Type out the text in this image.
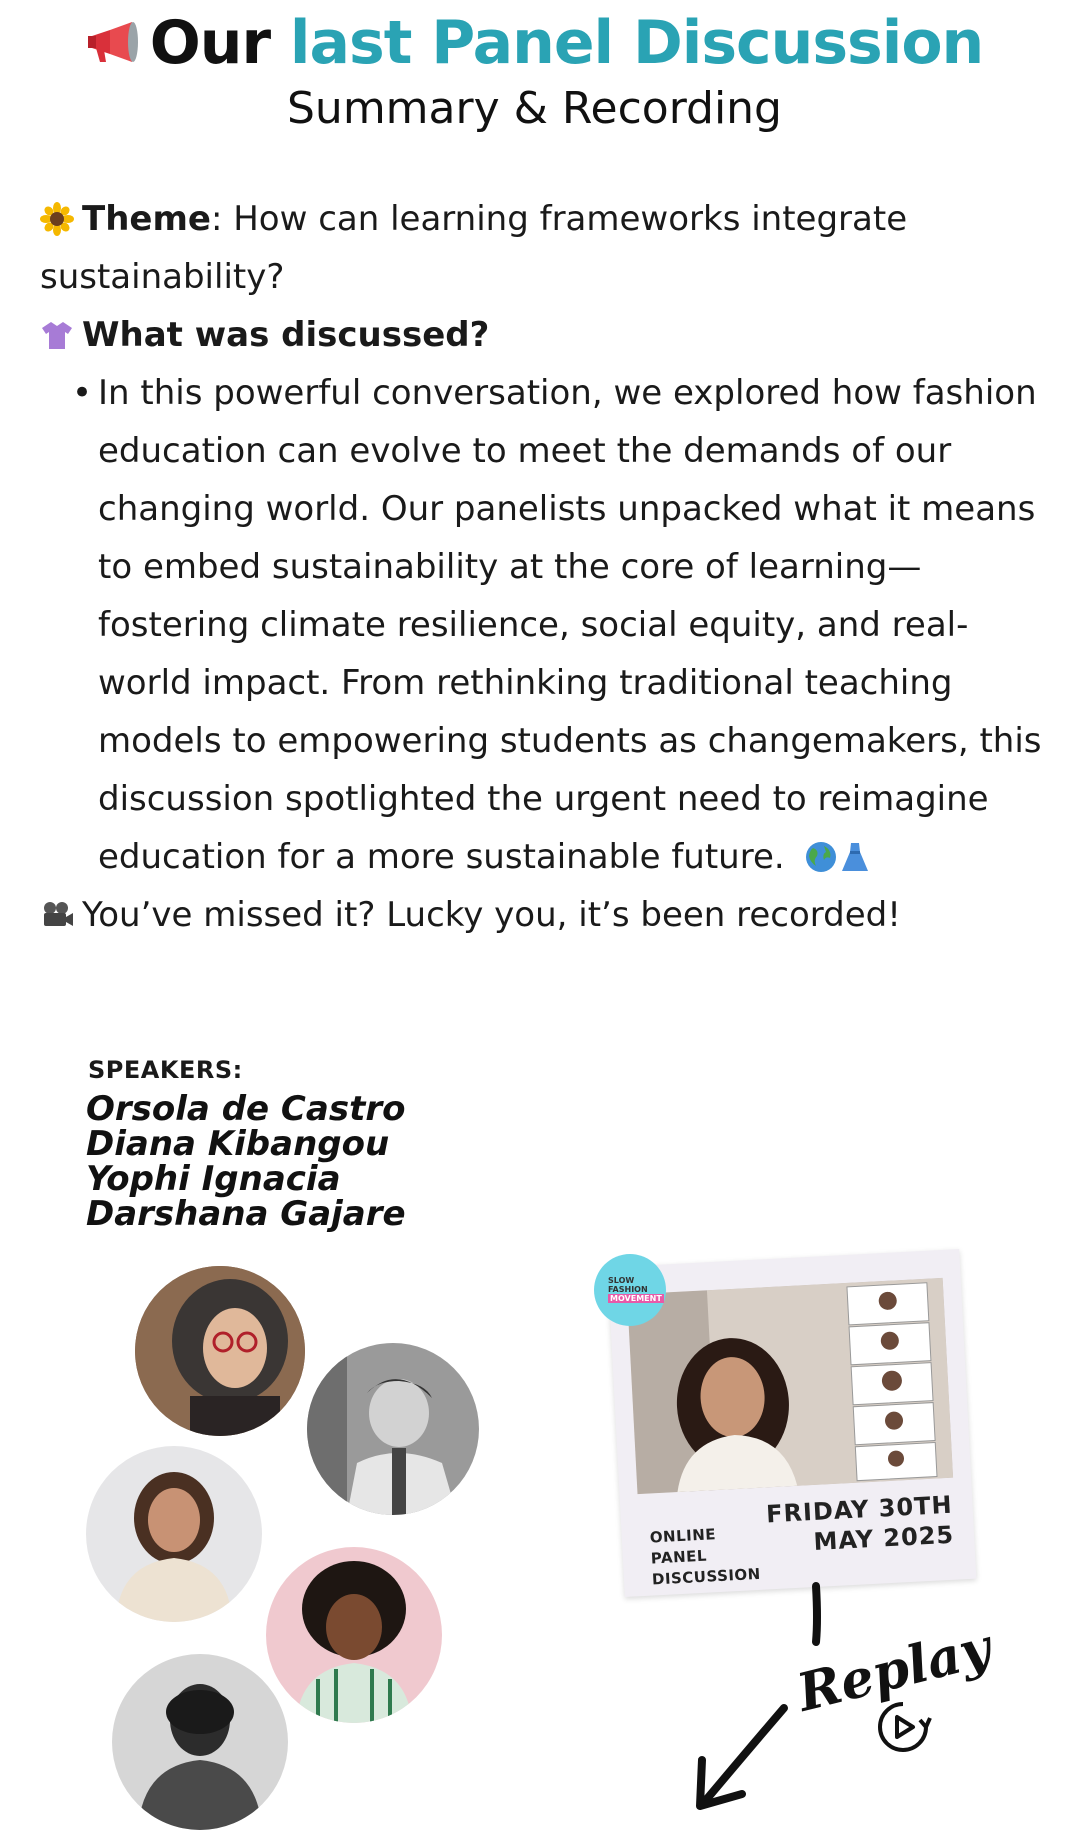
Our last Panel Discussion
Summary & Recording

Theme: How can learning frameworks integrate sustainability?

What was discussed?

• In this powerful conversation, we explored how fashion education can evolve to meet the demands of our changing world. Our panelists unpacked what it means to embed sustainability at the core of learning—fostering climate resilience, social equity, and real-world impact. From rethinking traditional teaching models to empowering students as changemakers, this discussion spotlighted the urgent need to reimagine education for a more sustainable future.

You’ve missed it? Lucky you, it’s been recorded!

SPEAKERS:
Orsola de Castro
Diana Kibangou
Yophi Ignacia
Darshana Gajare
ONLINE
PANEL
DISCUSSION
FRIDAY 30TH
MAY 2025
SLOW
FASHION
MOVEMENT
Replay
